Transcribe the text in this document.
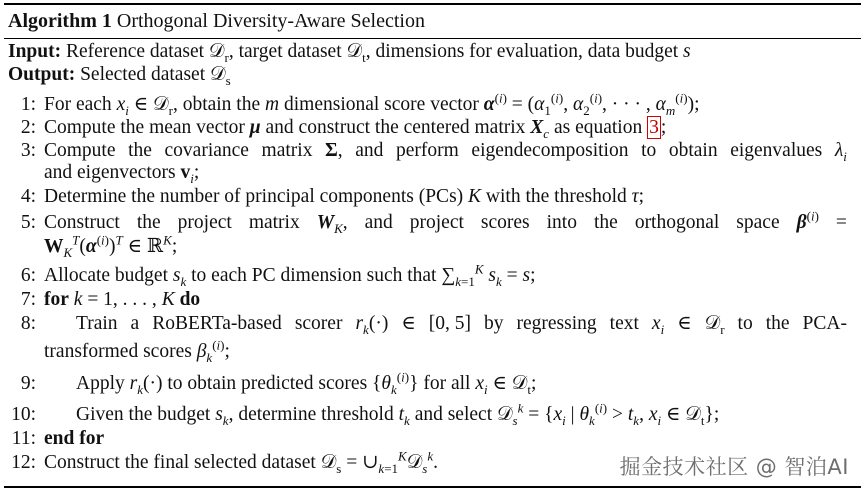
Algorithm 1 Orthogonal Diversity-Aware Selection
Input: Reference dataset 𝒟$_r$, target dataset 𝒟$_t$, dimensions for evaluation, data budget s
Output: Selected dataset 𝒟$_s$
1: For each $x_i$ ∈ 𝒟$_r$, obtain the m dimensional score vector $\alpha^{(i)} = (\alpha_1^{(i)}$, $\alpha_2^{(i)}$, · · · , $\alpha_m^{(i)}$);
2: Compute the mean vector μ and construct the centered matrix $X_c$ as equation 3 ;
3: Compute the covariance matrix Σ, and perform eigendecomposition to obtain eigenvalues $\lambda_i$
and eigenvectors $v_i$;
4: Determine the number of principal components (PCs) K with the threshold τ;
5: Construct the project matrix $W_K$, and project scores into the orthogonal space $\beta^{(i)}$ =
$W_K^T(\alpha^{(i)})^T$ ∈ ℝ$^K$;
6: Allocate budget $s_k$ to each PC dimension such that $\sum_{k=1}^K$ $s_k = s$;
7: for k = 1, . . . , K do
8: Train a RoBERTa-based scorer $r_k(\cdot)$ ∈ [0, 5] by regressing text $x_i$ ∈ 𝒟$_r$ to the PCA-
transformed scores $\beta_k^{(i)}$;
9: Apply $r_k(\cdot)$ to obtain predicted scores $\{\theta_k^{(i)}\}$ for all $x_i$ ∈ 𝒟$_t$;
10: Given the budget $s_k$, determine threshold $t_k$ and select 𝒟$_s^k$ = {$x_i$ | $\theta_k^{(i)} > t_k$, $x_i$ ∈ 𝒟$_t$};
11: end for
12: Construct the final selected dataset 𝒟$_s$ = $\cup_{k=1}^K𝒟_s^k$.	掘金技术社区 @ 智泊AI
